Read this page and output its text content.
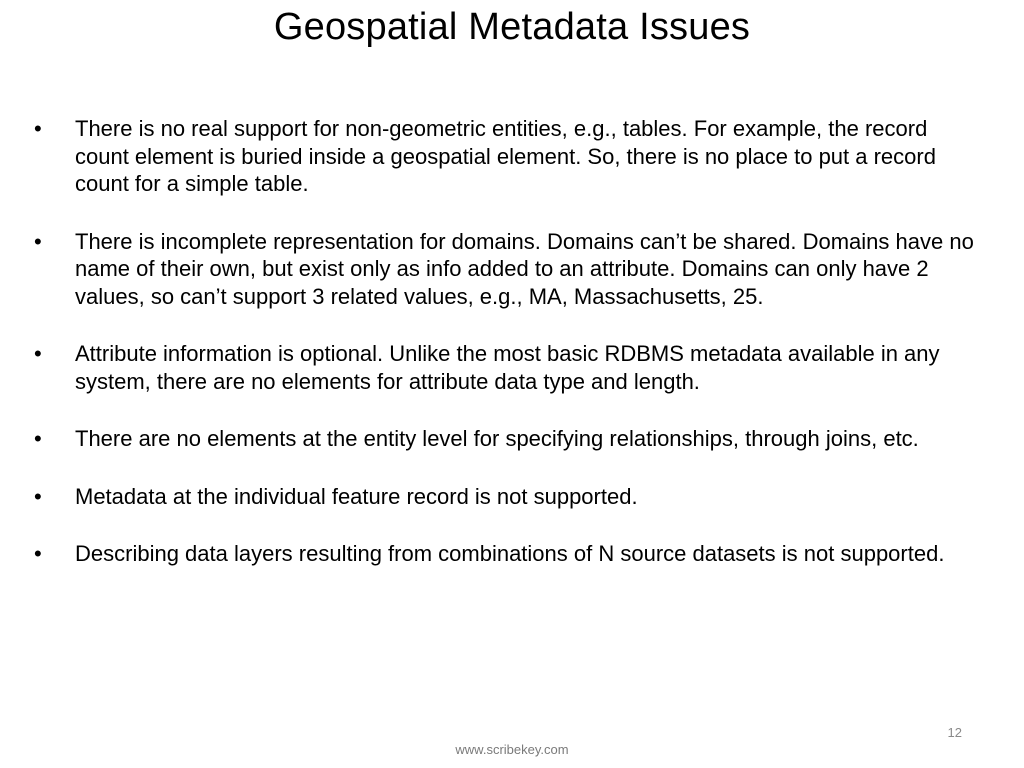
Geospatial Metadata Issues
• There is no real support for non-geometric entities, e.g., tables. For example, the record count element is buried inside a geospatial element. So, there is no place to put a record count for a simple table.
• There is incomplete representation for domains. Domains can’t be shared. Domains have no name of their own, but exist only as info added to an attribute. Domains can only have 2 values, so can’t support 3 related values, e.g., MA, Massachusetts, 25.
• Attribute information is optional. Unlike the most basic RDBMS metadata available in any system, there are no elements for attribute data type and length.
• There are no elements at the entity level for specifying relationships, through joins, etc.
• Metadata at the individual feature record is not supported.
• Describing data layers resulting from combinations of N source datasets is not supported.
12
www.scribekey.com
